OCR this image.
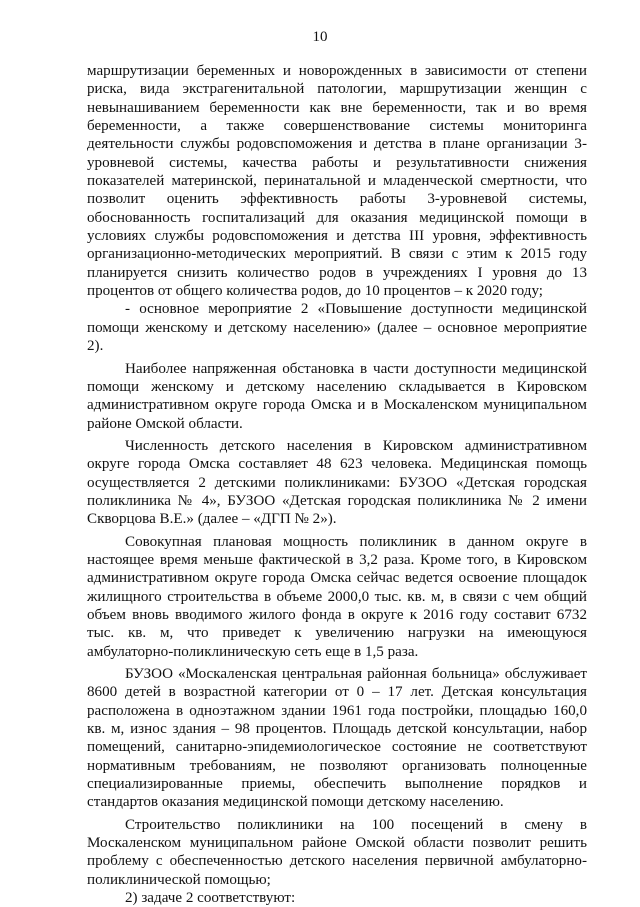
10

маршрутизации беременных и новорожденных в зависимости от степени риска, вида экстрагенитальной патологии, маршрутизации женщин с невынашиванием беременности как вне беременности, так и во время беременности, а также совершенствование системы мониторинга деятельности службы родовспоможения и детства в плане организации 3-уровневой системы, качества работы и результативности снижения показателей материнской, перинатальной и младенческой смертности, что позволит оценить эффективность работы 3-уровневой системы, обоснованность госпитализаций для оказания медицинской помощи в условиях службы родовспоможения и детства III уровня, эффективность организационно-методических мероприятий. В связи с этим к 2015 году планируется снизить количество родов в учреждениях I уровня до 13 процентов от общего количества родов, до 10 процентов – к 2020 году;

- основное мероприятие 2 «Повышение доступности медицинской помощи женскому и детскому населению» (далее – основное мероприятие 2).

Наиболее напряженная обстановка в части доступности медицинской помощи женскому и детскому населению складывается в Кировском административном округе города Омска и в Москаленском муниципальном районе Омской области.

Численность детского населения в Кировском административном округе города Омска составляет 48 623 человека. Медицинская помощь осуществляется 2 детскими поликлиниками: БУЗОО «Детская городская поликлиника № 4», БУЗОО «Детская городская поликлиника № 2 имени Скворцова В.Е.» (далее – «ДГП № 2»).

Совокупная плановая мощность поликлиник в данном округе в настоящее время меньше фактической в 3,2 раза. Кроме того, в Кировском административном округе города Омска сейчас ведется освоение площадок жилищного строительства в объеме 2000,0 тыс. кв. м, в связи с чем общий объем вновь вводимого жилого фонда в округе к 2016 году составит 6732 тыс. кв. м, что приведет к увеличению нагрузки на имеющуюся амбулаторно-поликлиническую сеть еще в 1,5 раза.

БУЗОО «Москаленская центральная районная больница» обслуживает 8600 детей в возрастной категории от 0 – 17 лет. Детская консультация расположена в одноэтажном здании 1961 года постройки, площадью 160,0 кв. м, износ здания – 98 процентов. Площадь детской консультации, набор помещений, санитарно-эпидемиологическое состояние не соответствуют нормативным требованиям, не позволяют организовать полноценные специализированные приемы, обеспечить выполнение порядков и стандартов оказания медицинской помощи детскому населению.

Строительство поликлиники на 100 посещений в смену в Москаленском муниципальном районе Омской области позволит решить проблему с обеспеченностью детского населения первичной амбулаторно-поликлинической помощью;

2) задаче 2 соответствуют:
